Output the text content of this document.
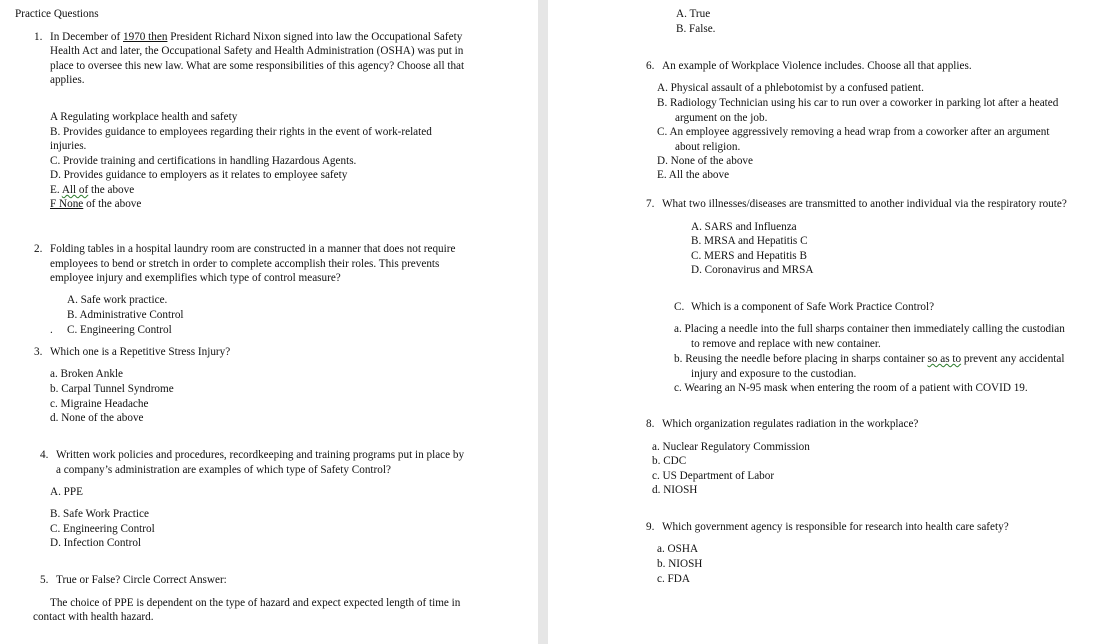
Practice Questions
1. In December of 1970 then President Richard Nixon signed into law the Occupational Safety
Health Act and later, the Occupational Safety and Health Administration (OSHA) was put in
place to oversee this new law. What are some responsibilities of this agency? Choose all that
applies.
A Regulating workplace health and safety
B. Provides guidance to employees regarding their rights in the event of work-related
injuries.
C. Provide training and certifications in handling Hazardous Agents.
D. Provides guidance to employers as it relates to employee safety
E. All of the above
F None of the above
2. Folding tables in a hospital laundry room are constructed in a manner that does not require
employees to bend or stretch in order to complete accomplish their roles. This prevents
employee injury and exemplifies which type of control measure?
A. Safe work practice.
B. Administrative Control
. C. Engineering Control
3. Which one is a Repetitive Stress Injury?
a. Broken Ankle
b. Carpal Tunnel Syndrome
c. Migraine Headache
d. None of the above
4. Written work policies and procedures, recordkeeping and training programs put in place by
a company’s administration are examples of which type of Safety Control?
A. PPE
B. Safe Work Practice
C. Engineering Control
D. Infection Control
5. True or False? Circle Correct Answer:
The choice of PPE is dependent on the type of hazard and expect expected length of time in
contact with health hazard.
A. True
B. False.
6. An example of Workplace Violence includes. Choose all that applies.
A. Physical assault of a phlebotomist by a confused patient.
B. Radiology Technician using his car to run over a coworker in parking lot after a heated
argument on the job.
C. An employee aggressively removing a head wrap from a coworker after an argument
about religion.
D. None of the above
E. All the above
7. What two illnesses/diseases are transmitted to another individual via the respiratory route?
A. SARS and Influenza
B. MRSA and Hepatitis C
C. MERS and Hepatitis B
D. Coronavirus and MRSA
C. Which is a component of Safe Work Practice Control?
a. Placing a needle into the full sharps container then immediately calling the custodian
to remove and replace with new container.
b. Reusing the needle before placing in sharps container so as to prevent any accidental
injury and exposure to the custodian.
c. Wearing an N-95 mask when entering the room of a patient with COVID 19.
8. Which organization regulates radiation in the workplace?
a. Nuclear Regulatory Commission
b. CDC
c. US Department of Labor
d. NIOSH
9. Which government agency is responsible for research into health care safety?
a. OSHA
b. NIOSH
c. FDA
